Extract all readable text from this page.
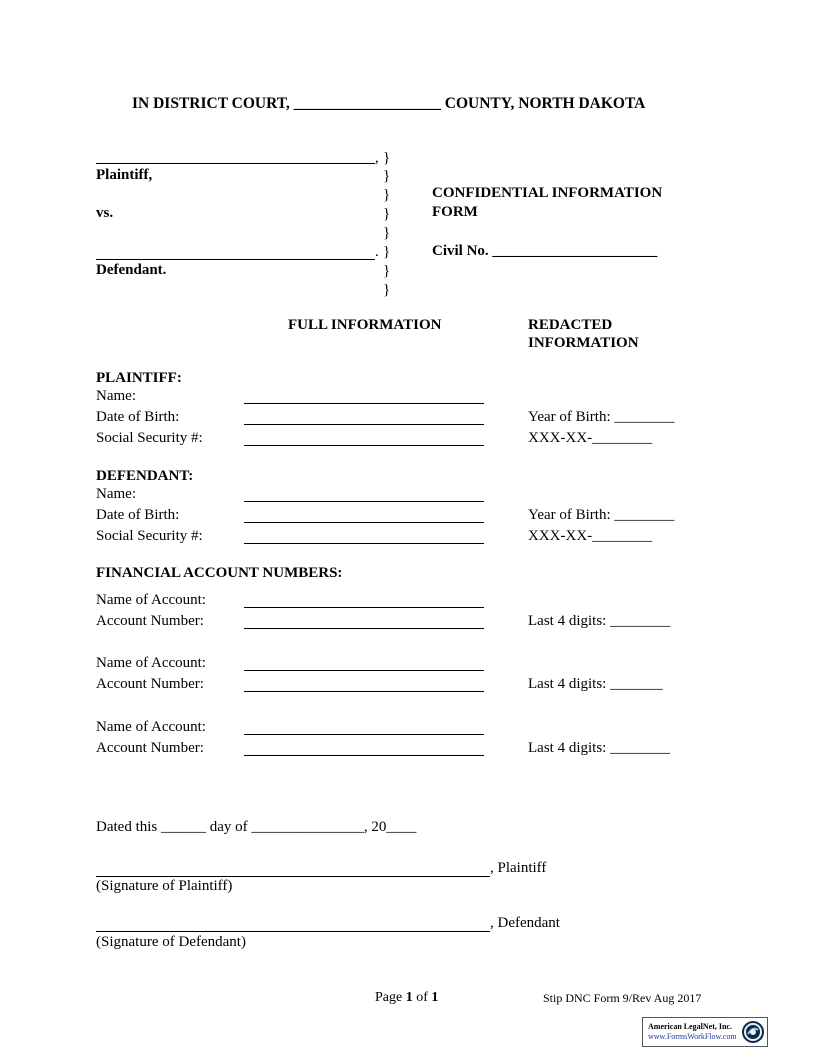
IN DISTRICT COURT, ___________________ COUNTY, NORTH DAKOTA
,
Plaintiff,
vs.
.
Defendant.
}
}
}
}
}
}
}
}
CONFIDENTIAL INFORMATION
FORM
Civil No. ______________________
FULL INFORMATION	REDACTED
INFORMATION
PLAINTIFF:
Name:
Date of Birth:	Year of Birth: ________
Social Security #:	XXX-XX-________
DEFENDANT:
Name:
Date of Birth:	Year of Birth: ________
Social Security #:	XXX-XX-________
FINANCIAL ACCOUNT NUMBERS:
Name of Account:
Account Number:	Last 4 digits: ________
Name of Account:
Account Number:	Last 4 digits: _______
Name of Account:
Account Number:	Last 4 digits: ________
Dated this ______ day of _______________, 20____
, Plaintiff
(Signature of Plaintiff)
, Defendant
(Signature of Defendant)
Page 1 of 1	Stip DNC Form 9/Rev Aug 2017
American LegalNet, Inc.
www.FormsWorkFlow.com
